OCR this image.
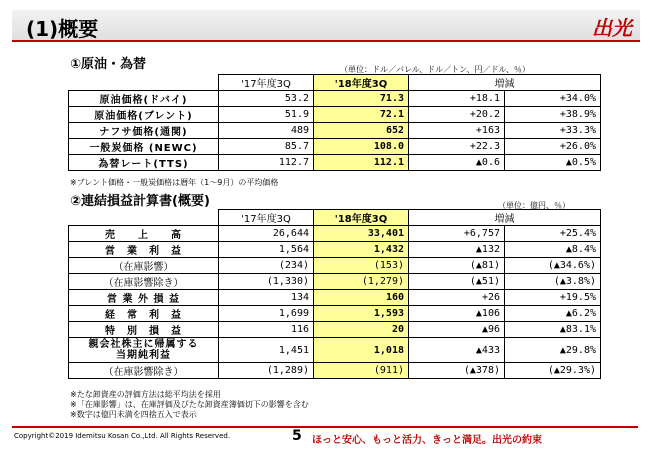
(1)概要	出光
①原油・為替	（単位：ドル／バレル、ドル／トン、円／ドル、％）
	'17年度3Q	'18年度3Q	増減	
原油価格(ドバイ)	53.2	71.3	+18.1	+34.0%
原油価格(ブレント)	51.9	72.1	+20.2	+38.9%
ナフサ価格(通関)	489	652	+163	+33.3%
一般炭価格 (NEWC)	85.7	108.0	+22.3	+26.0%
為替レート(TTS)	112.7	112.1	▲0.6	▲0.5%
※ブレント価格・一般炭価格は暦年（1～9月）の平均価格
②連結損益計算書(概要)	（単位：億円、％）
	'17年度3Q	'18年度3Q	増減	
売　　上　　高	26,644	33,401	+6,757	+25.4%
営　業　利　益	1,564	1,432	▲132	▲8.4%
（在庫影響）	(234)	(153)	(▲81)	(▲34.6%)
（在庫影響除き）	(1,330)	(1,279)	(▲51)	(▲3.8%)
営 業 外 損 益	134	160	+26	+19.5%
経　常　利　益	1,699	1,593	▲106	▲6.2%
特　別　損　益	116	20	▲96	▲83.1%

親会社株主に帰属する
当期純利益	1,451	1,018	▲433	▲29.8%
（在庫影響除き）	(1,289)	(911)	(▲378)	(▲29.3%)
※たな卸資産の評価方法は総平均法を採用
※「在庫影響」は、在庫評価及びたな卸資産簿価切下の影響を含む
※数字は億円未満を四捨五入で表示
Copyright©2019 Idemitsu Kosan Co.,Ltd. All Rights Reserved.	5 ほっと安心、もっと活力、きっと満足。出光の約束
